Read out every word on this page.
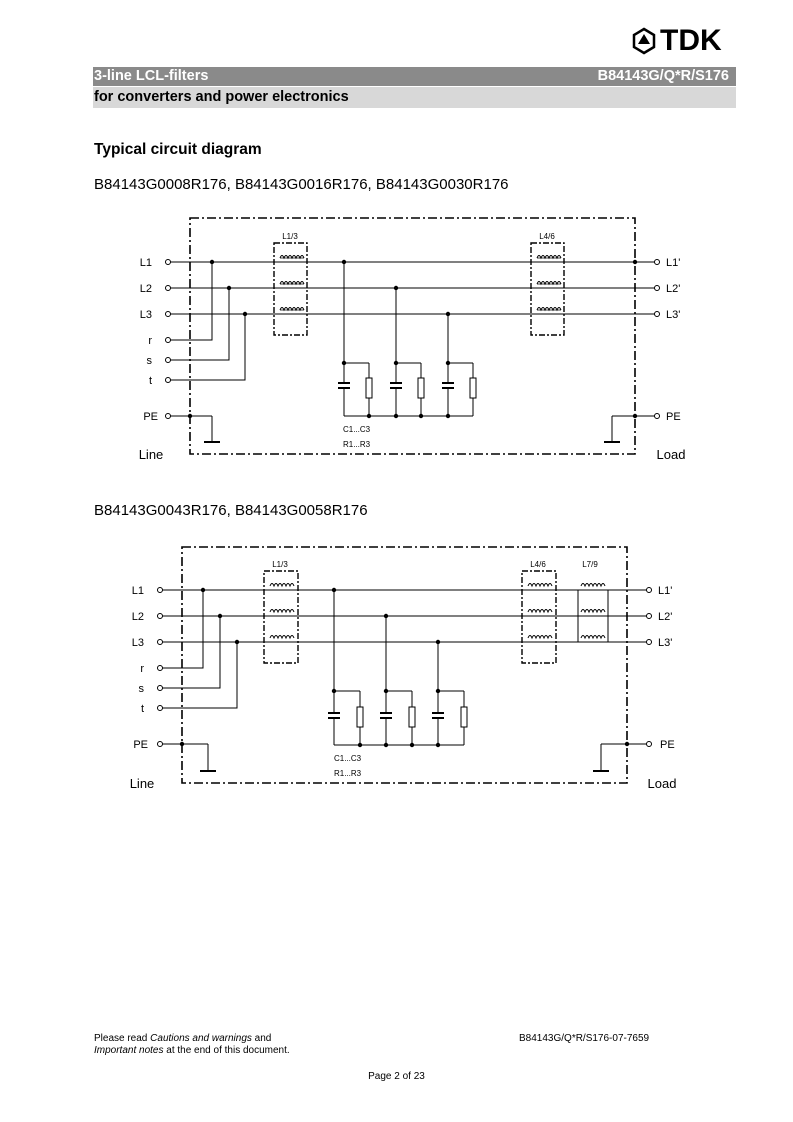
TDK
3-line LCL-filters	B84143G/Q*R/S176
for converters and power electronics
Typical circuit diagram
B84143G0008R176, B84143G0016R176, B84143G0030R176
B84143G0043R176, B84143G0058R176
L1
L2
L3
r
s
t
PE
L1'
L2'
L3'
PE
Line	Load
L1/3	L4/6
C1...C3
R1...R3
L1
L2
L3
r
s
t
PE
L1'
L2'
L3'
PE
Line	Load
L1/3	L4/6	L7/9
C1...C3
R1...R3
Please read Cautions and warnings and
Important notes at the end of this document.
B84143G/Q*R/S176-07-7659
Page 2 of 23
